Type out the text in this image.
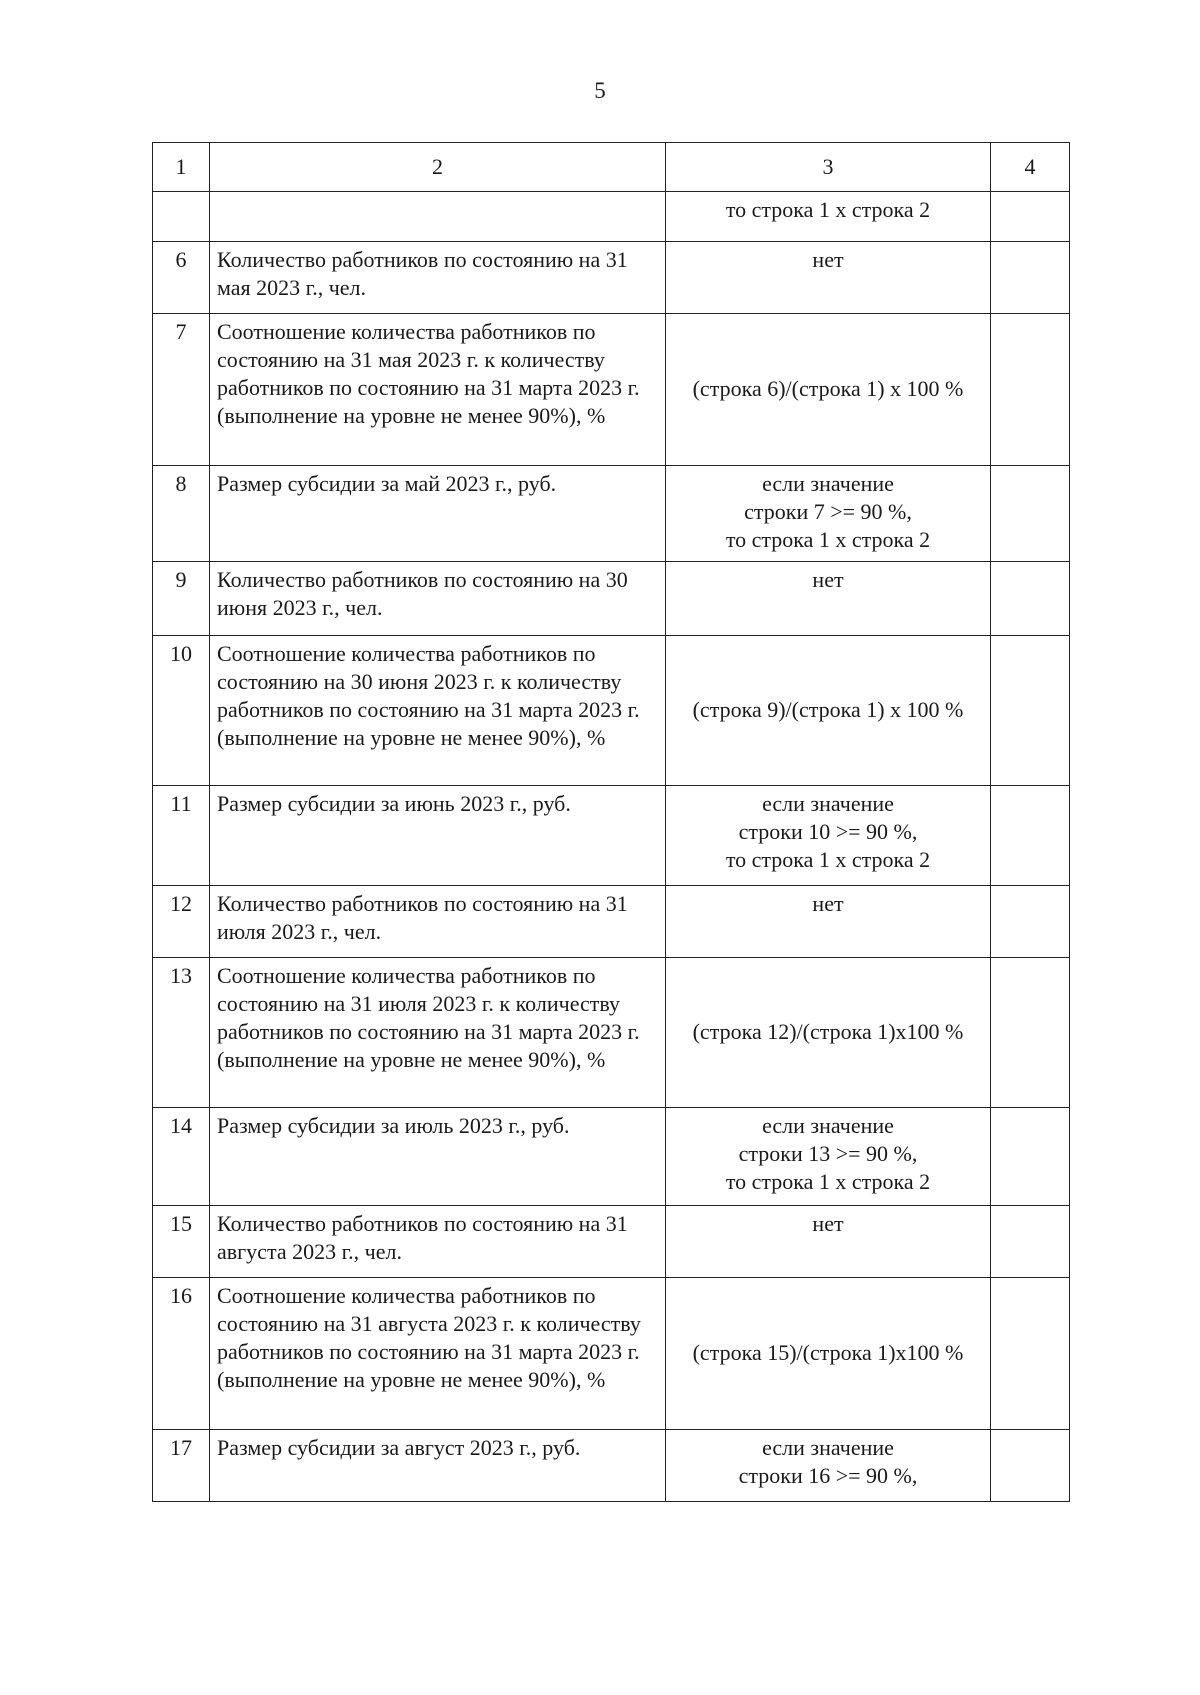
5
1	2	3	4
		то строка 1 х строка 2	
6	Количество работников по состоянию на 31 мая 2023 г., чел.	нет	
7	Соотношение количества работников по состоянию на 31 мая 2023 г. к количеству работников по состоянию на 31 марта 2023 г. (выполнение на уровне не менее 90%), %	(строка 6)/(строка 1) х 100 %	
8	Размер субсидии за май 2023 г., руб.	если значение
строки 7 >= 90 %,
то строка 1 х строка 2	
9	Количество работников по состоянию на 30 июня 2023 г., чел.	нет	
10	Соотношение количества работников по состоянию на 30 июня 2023 г. к количеству работников по состоянию на 31 марта 2023 г. (выполнение на уровне не менее 90%), %	(строка 9)/(строка 1) х 100 %	
11	Размер субсидии за июнь 2023 г., руб.	если значение
строки 10 >= 90 %,
то строка 1 х строка 2	
12	Количество работников по состоянию на 31 июля 2023 г., чел.	нет	
13	Соотношение количества работников по состоянию на 31 июля 2023 г. к количеству работников по состоянию на 31 марта 2023 г. (выполнение на уровне не менее 90%), %	(строка 12)/(строка 1)х100 %	
14	Размер субсидии за июль 2023 г., руб.	если значение
строки 13 >= 90 %,
то строка 1 х строка 2	
15	Количество работников по состоянию на 31 августа 2023 г., чел.	нет	
16	Соотношение количества работников по состоянию на 31 августа 2023 г. к количеству работников по состоянию на 31 марта 2023 г. (выполнение на уровне не менее 90%), %	(строка 15)/(строка 1)х100 %	
17	Размер субсидии за август 2023 г., руб.	если значение
строки 16 >= 90 %,	
